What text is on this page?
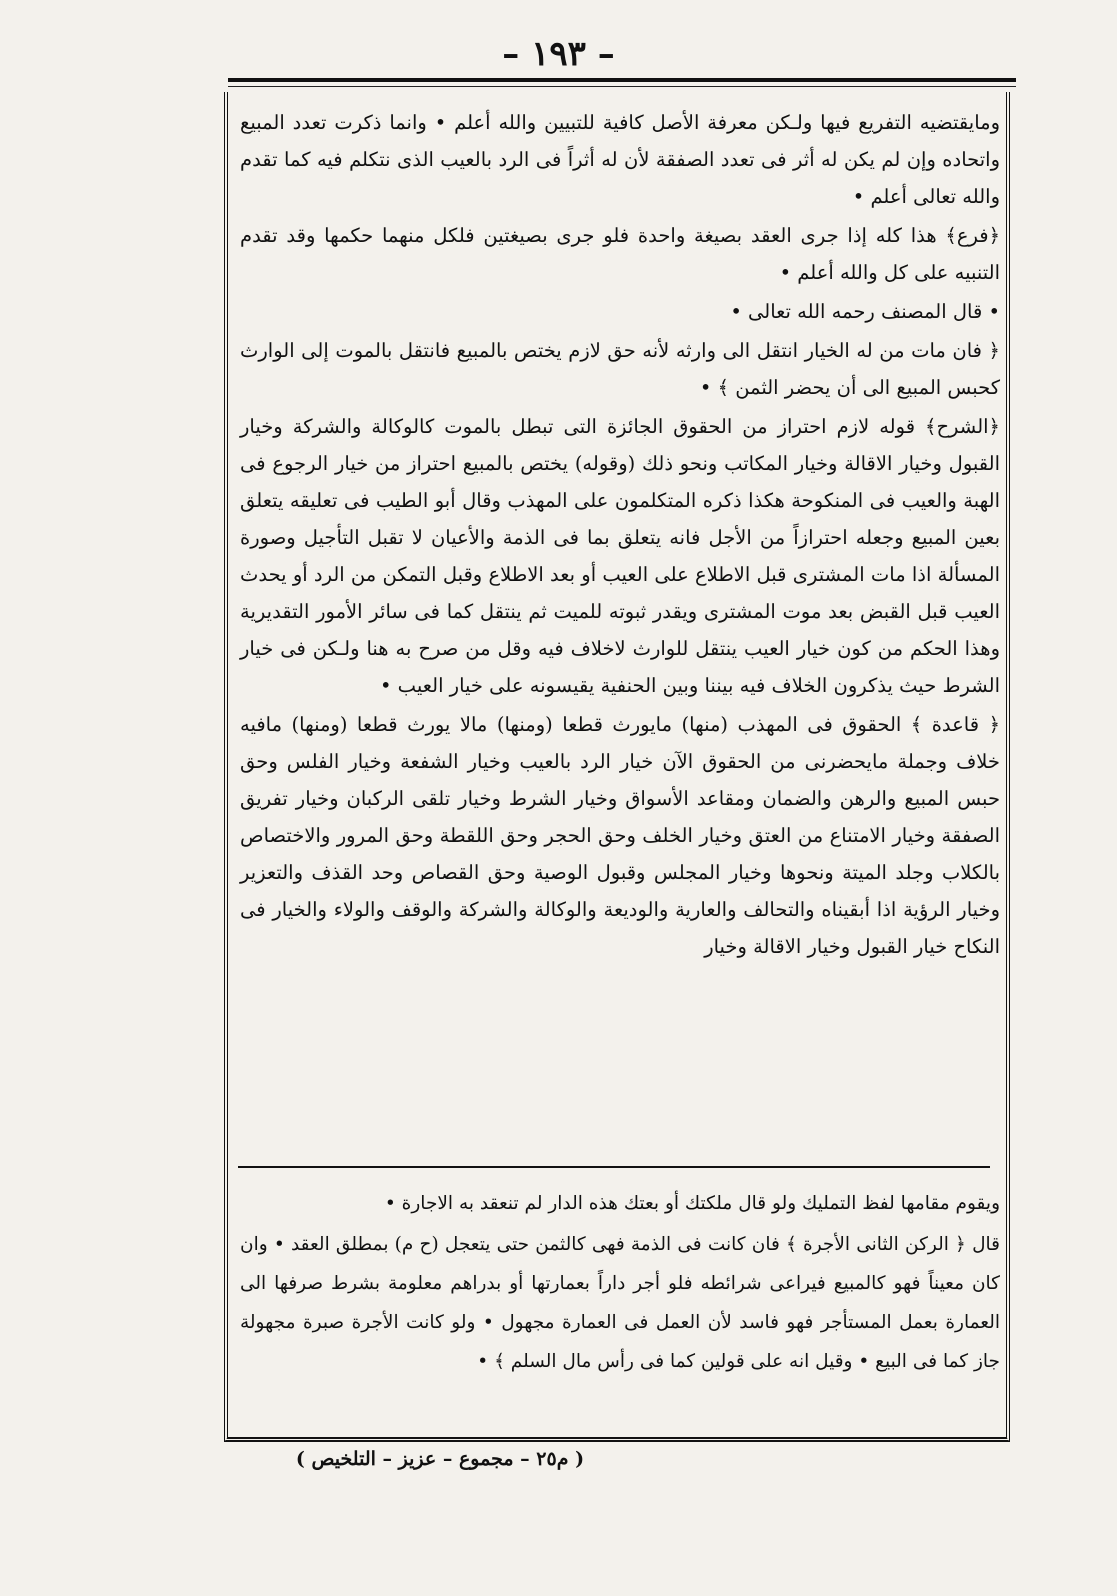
– ١٩٣ –

ومايقتضيه التفريع فيها ولـكن معرفة الأصل كافية للتبيين والله أعلم • وانما ذكرت تعدد المبيع واتحاده وإن لم يكن له أثر فى تعدد الصفقة لأن له أثراً فى الرد بالعيب الذى نتكلم فيه كما تقدم والله تعالى أعلم •

﴿فرع﴾ هذا كله إذا جرى العقد بصيغة واحدة فلو جرى بصيغتين فلكل منهما حكمها وقد تقدم التنبيه على كل والله أعلم •

• قال المصنف رحمه الله تعالى •

﴿ فان مات من له الخيار انتقل الى وارثه لأنه حق لازم يختص بالمبيع فانتقل بالموت إلى الوارث كحبس المبيع الى أن يحضر الثمن ﴾ •

﴿الشرح﴾ قوله لازم احتراز من الحقوق الجائزة التى تبطل بالموت كالوكالة والشركة وخيار القبول وخيار الاقالة وخيار المكاتب ونحو ذلك (وقوله) يختص بالمبيع احتراز من خيار الرجوع فى الهبة والعيب فى المنكوحة هكذا ذكره المتكلمون على المهذب وقال أبو الطيب فى تعليقه يتعلق بعين المبيع وجعله احترازاً من الأجل فانه يتعلق بما فى الذمة والأعيان لا تقبل التأجيل وصورة المسألة اذا مات المشترى قبل الاطلاع على العيب أو بعد الاطلاع وقبل التمكن من الرد أو يحدث العيب قبل القبض بعد موت المشترى ويقدر ثبوته للميت ثم ينتقل كما فى سائر الأمور التقديرية وهذا الحكم من كون خيار العيب ينتقل للوارث لاخلاف فيه وقل من صرح به هنا ولـكن فى خيار الشرط حيث يذكرون الخلاف فيه بيننا وبين الحنفية يقيسونه على خيار العيب •

﴿ قاعدة ﴾ الحقوق فى المهذب (منها) مايورث قطعا (ومنها) مالا يورث قطعا (ومنها) مافيه خلاف وجملة مايحضرنى من الحقوق الآن خيار الرد بالعيب وخيار الشفعة وخيار الفلس وحق حبس المبيع والرهن والضمان ومقاعد الأسواق وخيار الشرط وخيار تلقى الركبان وخيار تفريق الصفقة وخيار الامتناع من العتق وخيار الخلف وحق الحجر وحق اللقطة وحق المرور والاختصاص بالكلاب وجلد الميتة ونحوها وخيار المجلس وقبول الوصية وحق القصاص وحد القذف والتعزير وخيار الرؤية اذا أبقيناه والتحالف والعارية والوديعة والوكالة والشركة والوقف والولاء والخيار فى النكاح خيار القبول وخيار الاقالة وخيار

ويقوم مقامها لفظ التمليك ولو قال ملكتك أو بعتك هذه الدار لم تنعقد به الاجارة •

قال ﴿ الركن الثانى الأجرة ﴾ فان كانت فى الذمة فهى كالثمن حتى يتعجل (ح م) بمطلق العقد • وان كان معيناً فهو كالمبيع فيراعى شرائطه فلو أجر داراً بعمارتها أو بدراهم معلومة بشرط صرفها الى العمارة بعمل المستأجر فهو فاسد لأن العمل فى العمارة مجهول • ولو كانت الأجرة صبرة مجهولة جاز كما فى البيع • وقيل انه على قولين كما فى رأس مال السلم ﴾ •

( م٢٥ – مجموع – عزيز – التلخيص )
